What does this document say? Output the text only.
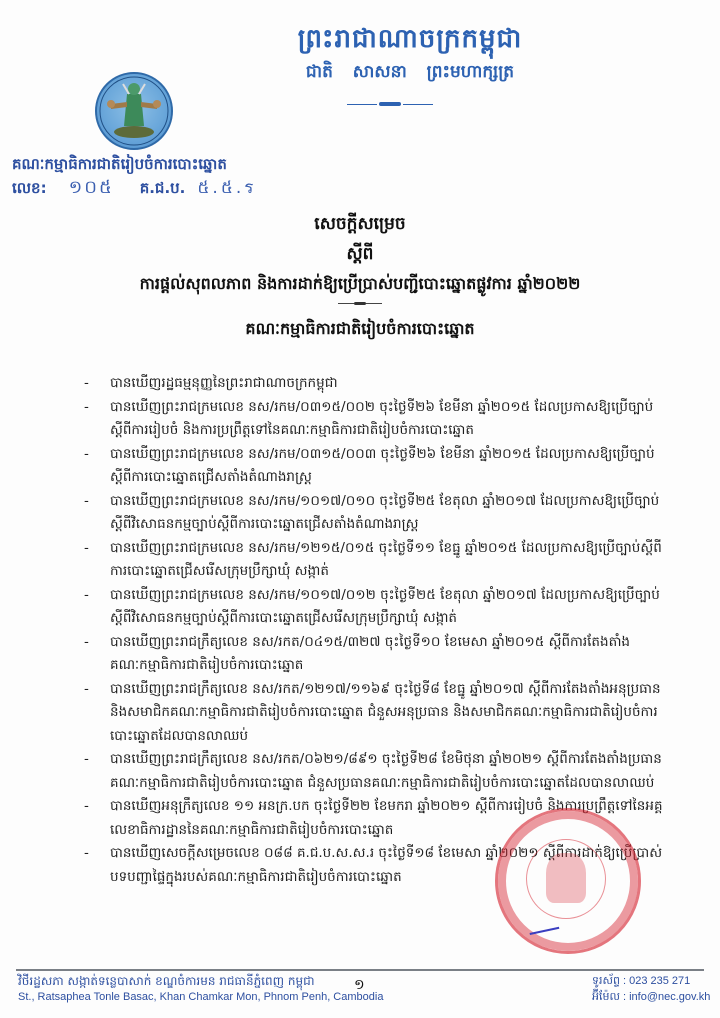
ព្រះរាជាណាចក្រកម្ពុជា
ជាតិ សាសនា ព្រះមហាក្សត្រ
គណៈកម្មាធិការជាតិរៀបចំការបោះឆ្នោត
លេខ: ១០៥ គ.ជ.ប. ៥.៥.ร
សេចក្តីសម្រេច
ស្តីពី
ការផ្តល់សុពលភាព និងការដាក់ឱ្យប្រើប្រាស់បញ្ជីបោះឆ្នោតផ្លូវការ ឆ្នាំ២០២២
គណៈកម្មាធិការជាតិរៀបចំការបោះឆ្នោត
- បានឃើញរដ្ឋធម្មនុញ្ញនៃព្រះរាជាណាចក្រកម្ពុជា
- បានឃើញព្រះរាជក្រមលេខ នស/រកម/០៣១៥/០០២ ចុះថ្ងៃទី២៦ ខែមីនា ឆ្នាំ២០១៥ ដែលប្រកាសឱ្យប្រើច្បាប់ស្តីពីការរៀបចំ និងការប្រព្រឹត្តទៅនៃគណៈកម្មាធិការជាតិរៀបចំការបោះឆ្នោត
- បានឃើញព្រះរាជក្រមលេខ នស/រកម/០៣១៥/០០៣ ចុះថ្ងៃទី២៦ ខែមីនា ឆ្នាំ២០១៥ ដែលប្រកាសឱ្យប្រើច្បាប់ស្តីពីការបោះឆ្នោតជ្រើសតាំងតំណាងរាស្ត្រ
- បានឃើញព្រះរាជក្រមលេខ នស/រកម/១០១៧/០១០ ចុះថ្ងៃទី២៥ ខែតុលា ឆ្នាំ២០១៧ ដែលប្រកាសឱ្យប្រើច្បាប់ស្តីពីវិសោធនកម្មច្បាប់ស្តីពីការបោះឆ្នោតជ្រើសតាំងតំណាងរាស្ត្រ
- បានឃើញព្រះរាជក្រមលេខ នស/រកម/១២១៥/០១៥ ចុះថ្ងៃទី១១ ខែធ្នូ ឆ្នាំ២០១៥ ដែលប្រកាសឱ្យប្រើច្បាប់ស្តីពីការបោះឆ្នោតជ្រើសរើសក្រុមប្រឹក្សាឃុំ សង្កាត់
- បានឃើញព្រះរាជក្រមលេខ នស/រកម/១០១៧/០១២ ចុះថ្ងៃទី២៥ ខែតុលា ឆ្នាំ២០១៧ ដែលប្រកាសឱ្យប្រើច្បាប់ស្តីពីវិសោធនកម្មច្បាប់ស្តីពីការបោះឆ្នោតជ្រើសរើសក្រុមប្រឹក្សាឃុំ សង្កាត់
- បានឃើញព្រះរាជក្រឹត្យលេខ នស/រកត/០៤១៥/៣២៧ ចុះថ្ងៃទី១០ ខែមេសា ឆ្នាំ២០១៥ ស្តីពីការតែងតាំងគណៈកម្មាធិការជាតិរៀបចំការបោះឆ្នោត
- បានឃើញព្រះរាជក្រឹត្យលេខ នស/រកត/១២១៧/១១៦៩ ចុះថ្ងៃទី៨ ខែធ្នូ ឆ្នាំ២០១៧ ស្តីពីការតែងតាំងអនុប្រធាន និងសមាជិកគណៈកម្មាធិការជាតិរៀបចំការបោះឆ្នោត ជំនួសអនុប្រធាន និងសមាជិកគណៈកម្មាធិការជាតិរៀបចំការបោះឆ្នោតដែលបានលាឈប់
- បានឃើញព្រះរាជក្រឹត្យលេខ នស/រកត/០៦២១/៨៩១ ចុះថ្ងៃទី២៨ ខែមិថុនា ឆ្នាំ២០២១ ស្តីពីការតែងតាំងប្រធានគណៈកម្មាធិការជាតិរៀបចំការបោះឆ្នោត ជំនួសប្រធានគណៈកម្មាធិការជាតិរៀបចំការបោះឆ្នោតដែលបានលាឈប់
- បានឃើញអនុក្រឹត្យលេខ ១១ អនក្រ.បក ចុះថ្ងៃទី២២ ខែមករា ឆ្នាំ២០២១ ស្តីពីការរៀបចំ និងការប្រព្រឹត្តទៅនៃអគ្គលេខាធិការដ្ឋាននៃគណៈកម្មាធិការជាតិរៀបចំការបោះឆ្នោត
- បានឃើញសេចក្តីសម្រេចលេខ ០៨៨ គ.ជ.ប.ស.ស.រ ចុះថ្ងៃទី១៨ ខែមេសា ឆ្នាំ២០២១ ស្តីពីការដាក់ឱ្យប្រើប្រាស់បទបញ្ជាផ្ទៃក្នុងរបស់គណៈកម្មាធិការជាតិរៀបចំការបោះឆ្នោត
វិថីរដ្ឋសភា សង្កាត់ទន្លេបាសាក់ ខណ្ឌចំការមន រាជធានីភ្នំពេញ កម្ពុជា
St., Ratsaphea Tonle Basac, Khan Chamkar Mon, Phnom Penh, Cambodia
១	ទូរស័ព្ទ : 023 235 271
អ៊ីម៉ែល : info@nec.gov.kh
